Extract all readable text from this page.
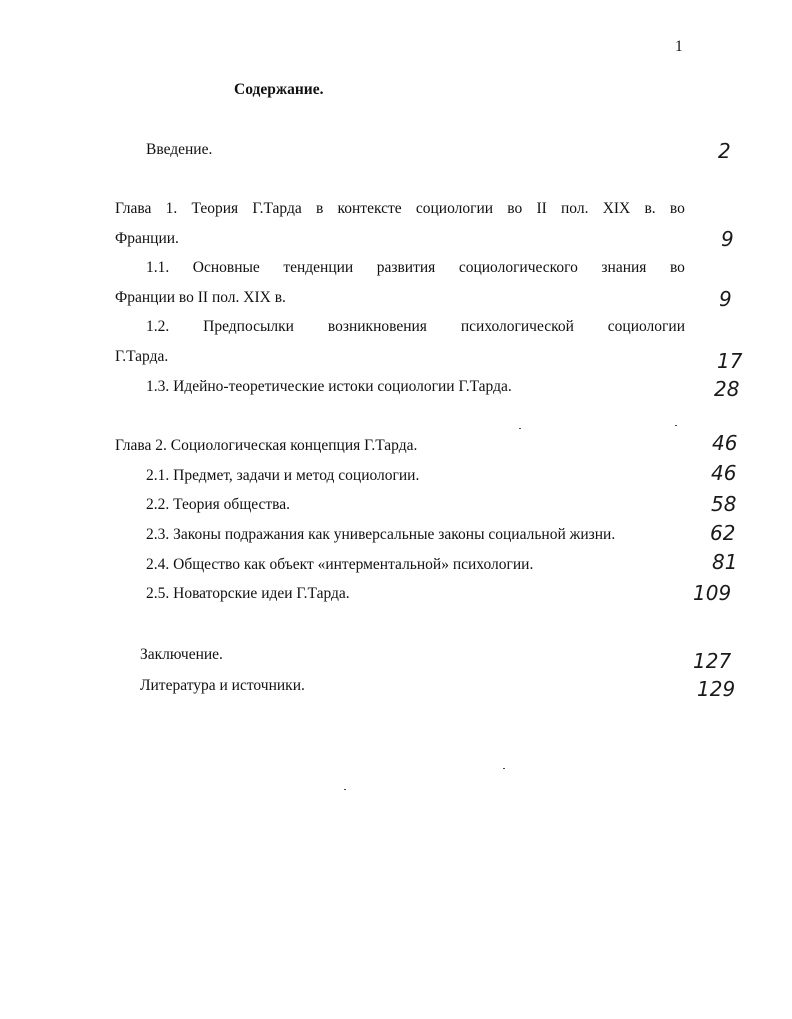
1
Содержание.
Введение.	2
Глава 1. Теория Г.Тарда в контексте социологии во II пол. XIX в. во
Франции.	9
1.1. Основные тенденции развития социологического знания во
Франции во II пол. XIX в.	9
1.2. Предпосылки возникновения психологической социологии
Г.Тарда.	17
1.3. Идейно-теоретические истоки социологии Г.Тарда.	28
Глава 2. Социологическая концепция Г.Тарда.	46
2.1. Предмет, задачи и метод социологии.	46
2.2. Теория общества.	58
2.3. Законы подражания как универсальные законы социальной жизни.	62
2.4. Общество как объект «интерментальной» психологии.	81
2.5. Новаторские идеи Г.Тарда.	109
Заключение.	127
Литература и источники.	129
